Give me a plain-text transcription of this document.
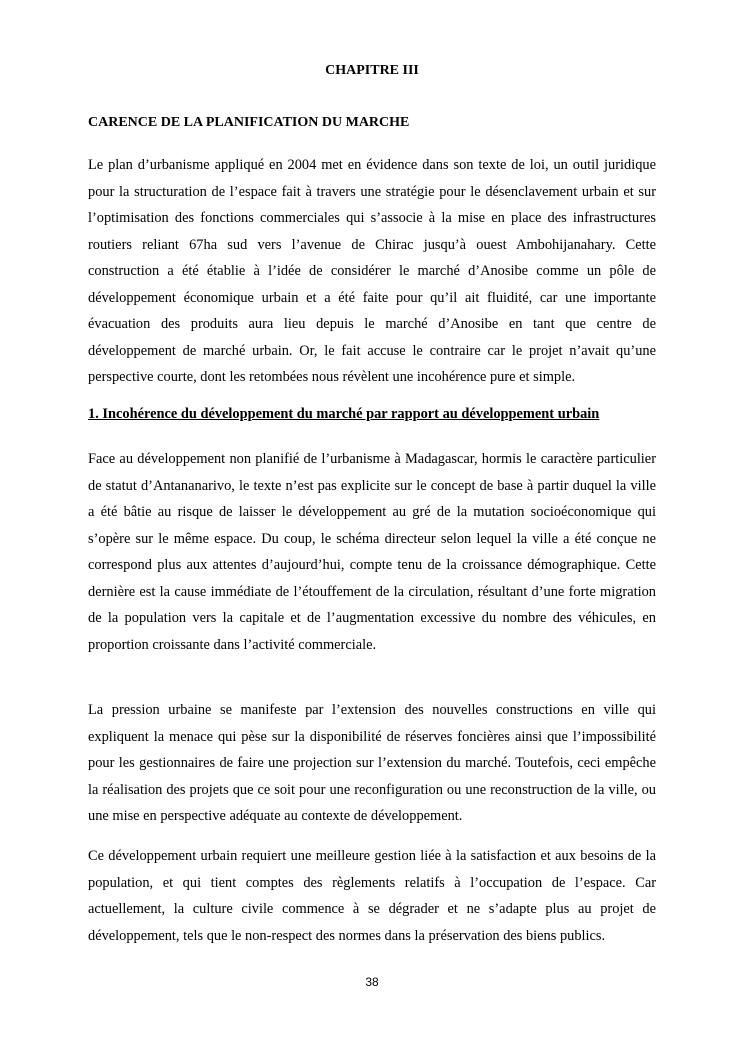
CHAPITRE III
CARENCE DE LA PLANIFICATION DU MARCHE

Le plan d’urbanisme appliqué en 2004 met en évidence dans son texte de loi, un outil juridique pour la structuration de l’espace fait à travers une stratégie pour le désenclavement urbain et sur l’optimisation des fonctions commerciales qui s’associe à la mise en place des infrastructures routiers reliant 67ha sud vers l’avenue de Chirac jusqu’à ouest Ambohijanahary. Cette construction a été établie à l’idée de considérer le marché d’Anosibe comme un pôle de développement économique urbain et a été faite pour qu’il ait fluidité, car une importante évacuation des produits aura lieu depuis le marché d’Anosibe en tant que centre de développement de marché urbain. Or, le fait accuse le contraire car le projet n’avait qu’une perspective courte, dont les retombées nous révèlent une incohérence pure et simple.

1. Incohérence du développement du marché par rapport au développement urbain

Face au développement non planifié de l’urbanisme à Madagascar, hormis le caractère particulier de statut d’Antananarivo, le texte n’est pas explicite sur le concept de base à partir duquel la ville a été bâtie au risque de laisser le développement au gré de la mutation socioéconomique qui s’opère sur le même espace. Du coup, le schéma directeur selon lequel la ville a été conçue ne correspond plus aux attentes d’aujourd’hui, compte tenu de la croissance démographique. Cette dernière est la cause immédiate de l’étouffement de la circulation, résultant d’une forte migration de la population vers la capitale et de l’augmentation excessive du nombre des véhicules, en proportion croissante dans l’activité commerciale.

La pression urbaine se manifeste par l’extension des nouvelles constructions en ville qui expliquent la menace qui pèse sur la disponibilité de réserves foncières ainsi que l’impossibilité pour les gestionnaires de faire une projection sur l’extension du marché. Toutefois, ceci empêche la réalisation des projets que ce soit pour une reconfiguration ou une reconstruction de la ville, ou une mise en perspective adéquate au contexte de développement.

Ce développement urbain requiert une meilleure gestion liée à la satisfaction et aux besoins de la population, et qui tient comptes des règlements relatifs à l’occupation de l’espace. Car actuellement, la culture civile commence à se dégrader et ne s’adapte plus au projet de développement, tels que le non-respect des normes dans la préservation des biens publics.

38
